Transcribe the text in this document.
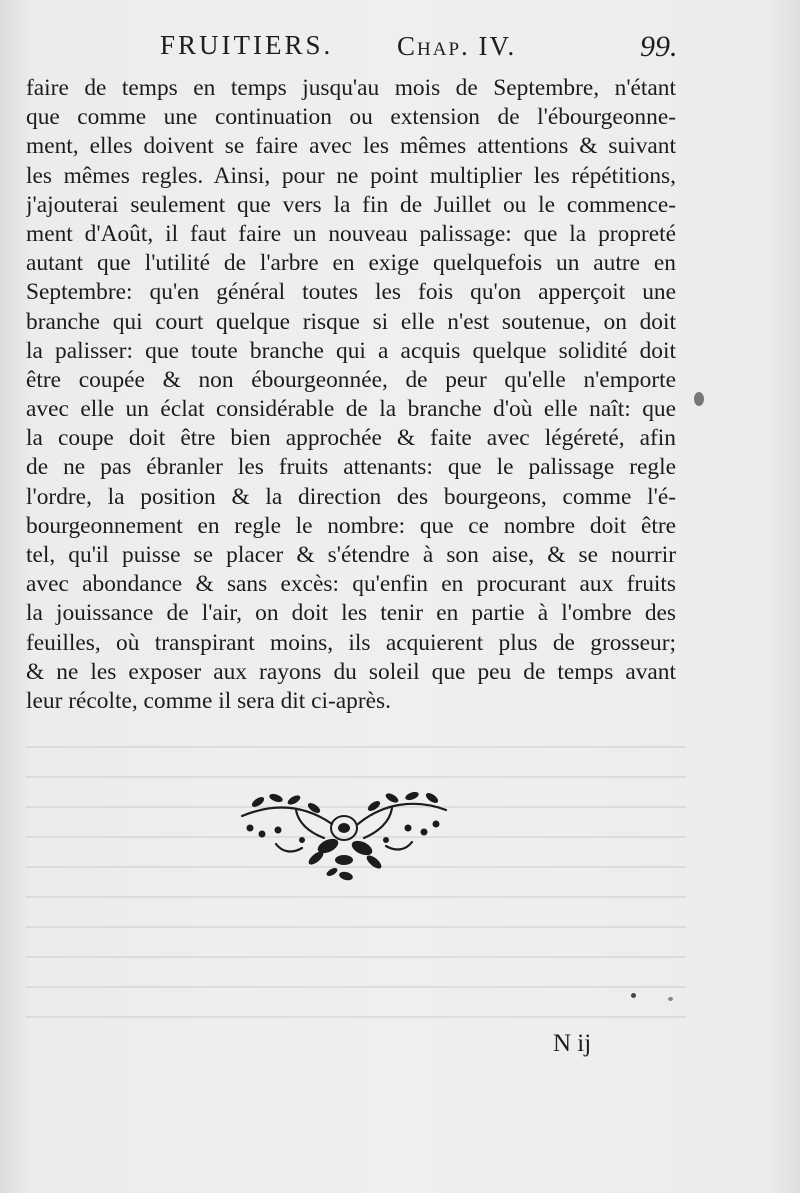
FRUITIERS. Chap. IV.	99.
faire de temps en temps jusqu'au mois de Septembre, n'étant
que comme une continuation ou extension de l'ébourgeonne-
ment, elles doivent se faire avec les mêmes attentions & suivant
les mêmes regles. Ainsi, pour ne point multiplier les répétitions,
j'ajouterai seulement que vers la fin de Juillet ou le commence-
ment d'Août, il faut faire un nouveau palissage: que la propreté
autant que l'utilité de l'arbre en exige quelquefois un autre en
Septembre: qu'en général toutes les fois qu'on apperçoit une
branche qui court quelque risque si elle n'est soutenue, on doit
la palisser: que toute branche qui a acquis quelque solidité doit
être coupée & non ébourgeonnée, de peur qu'elle n'emporte
avec elle un éclat considérable de la branche d'où elle naît: que
la coupe doit être bien approchée & faite avec légéreté, afin
de ne pas ébranler les fruits attenants: que le palissage regle
l'ordre, la position & la direction des bourgeons, comme l'é-
bourgeonnement en regle le nombre: que ce nombre doit être
tel, qu'il puisse se placer & s'étendre à son aise, & se nourrir
avec abondance & sans excès: qu'enfin en procurant aux fruits
la jouissance de l'air, on doit les tenir en partie à l'ombre des
feuilles, où transpirant moins, ils acquierent plus de grosseur;
& ne les exposer aux rayons du soleil que peu de temps avant
leur récolte, comme il sera dit ci-après.
N ij
